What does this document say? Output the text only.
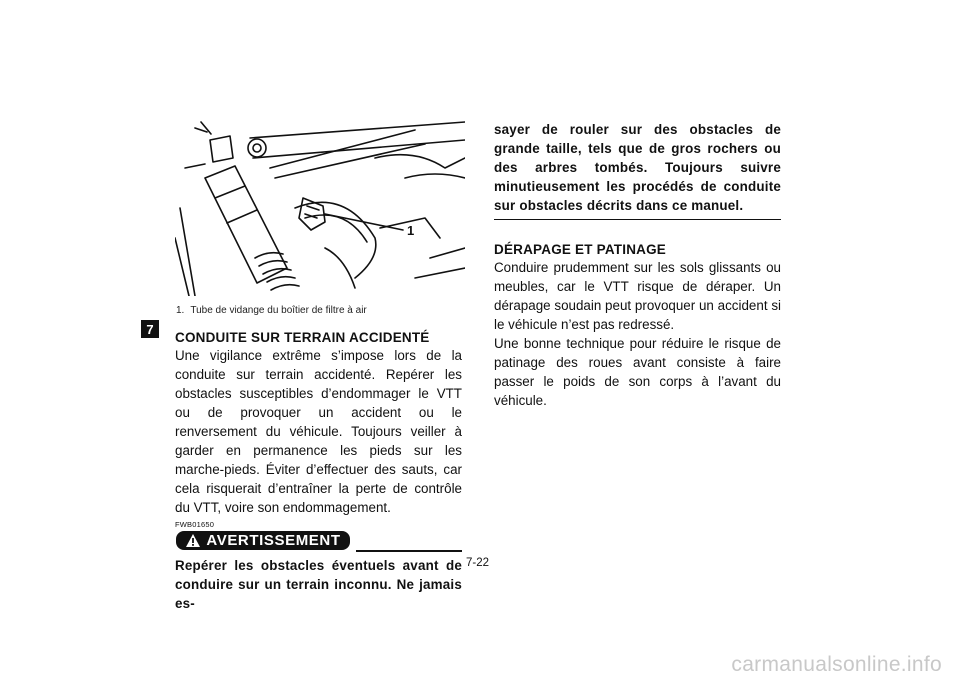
7
1
1. Tube de vidange du boîtier de filtre à air
CONDUITE SUR TERRAIN ACCIDENTÉ

Une vigilance extrême s’impose lors de la conduite sur terrain accidenté. Repérer les obstacles susceptibles d’endommager le VTT ou de provoquer un accident ou le renversement du véhicule. Toujours veiller à garder en permanence les pieds sur les marche-pieds. Éviter d’effectuer des sauts, car cela risquerait d’entraîner la perte de contrôle du VTT, voire son endommagement.

FWB01650
AVERTISSEMENT

Repérer les obstacles éventuels avant de conduire sur un terrain inconnu. Ne jamais es-

sayer de rouler sur des obstacles de grande taille, tels que de gros rochers ou des arbres tombés. Toujours suivre minutieusement les procédés de conduite sur obstacles décrits dans ce manuel.

DÉRAPAGE ET PATINAGE

Conduire prudemment sur les sols glissants ou meubles, car le VTT risque de déraper. Un dérapage soudain peut provoquer un accident si le véhicule n’est pas redressé.

Une bonne technique pour réduire le risque de patinage des roues avant consiste à faire passer le poids de son corps à l’avant du véhicule.

7-22
carmanualsonline.info
